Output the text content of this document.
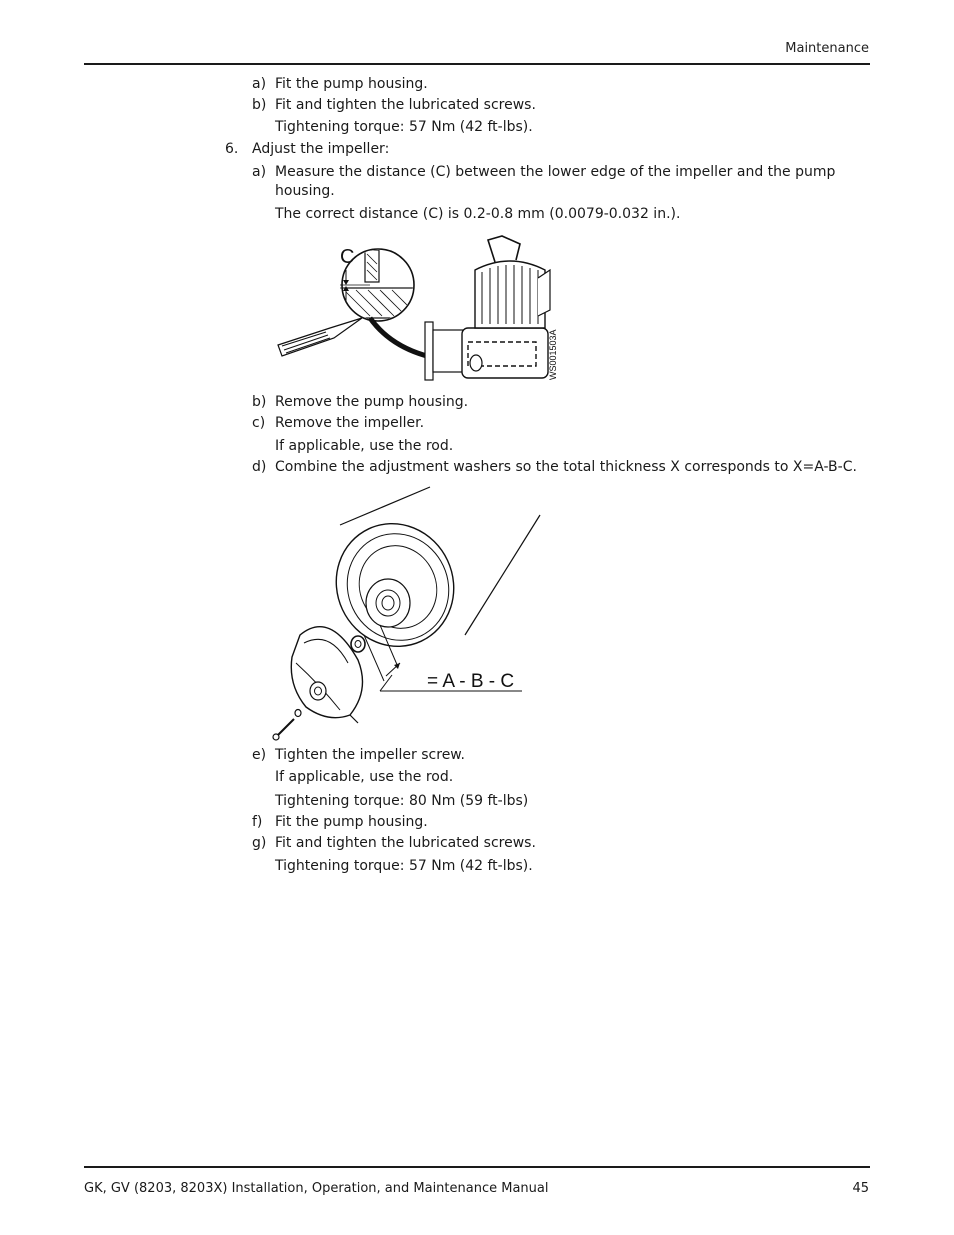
Maintenance
a) Fit the pump housing.
b) Fit and tighten the lubricated screws.
Tightening torque: 57 Nm (42 ft-lbs).
6. Adjust the impeller:
a) Measure the distance (C) between the lower edge of the impeller and the pump
housing.
The correct distance (C) is 0.2-0.8 mm (0.0079-0.032 in.).
C
WS001503A
b) Remove the pump housing.
c) Remove the impeller.
If applicable, use the rod.
d) Combine the adjustment washers so the total thickness X corresponds to X=A-B-C.
= A - B - C
e) Tighten the impeller screw.
If applicable, use the rod.
Tightening torque: 80 Nm (59 ft-lbs)
f) Fit the pump housing.
g) Fit and tighten the lubricated screws.
Tightening torque: 57 Nm (42 ft-lbs).
GK, GV (8203, 8203X) Installation, Operation, and Maintenance Manual	45
